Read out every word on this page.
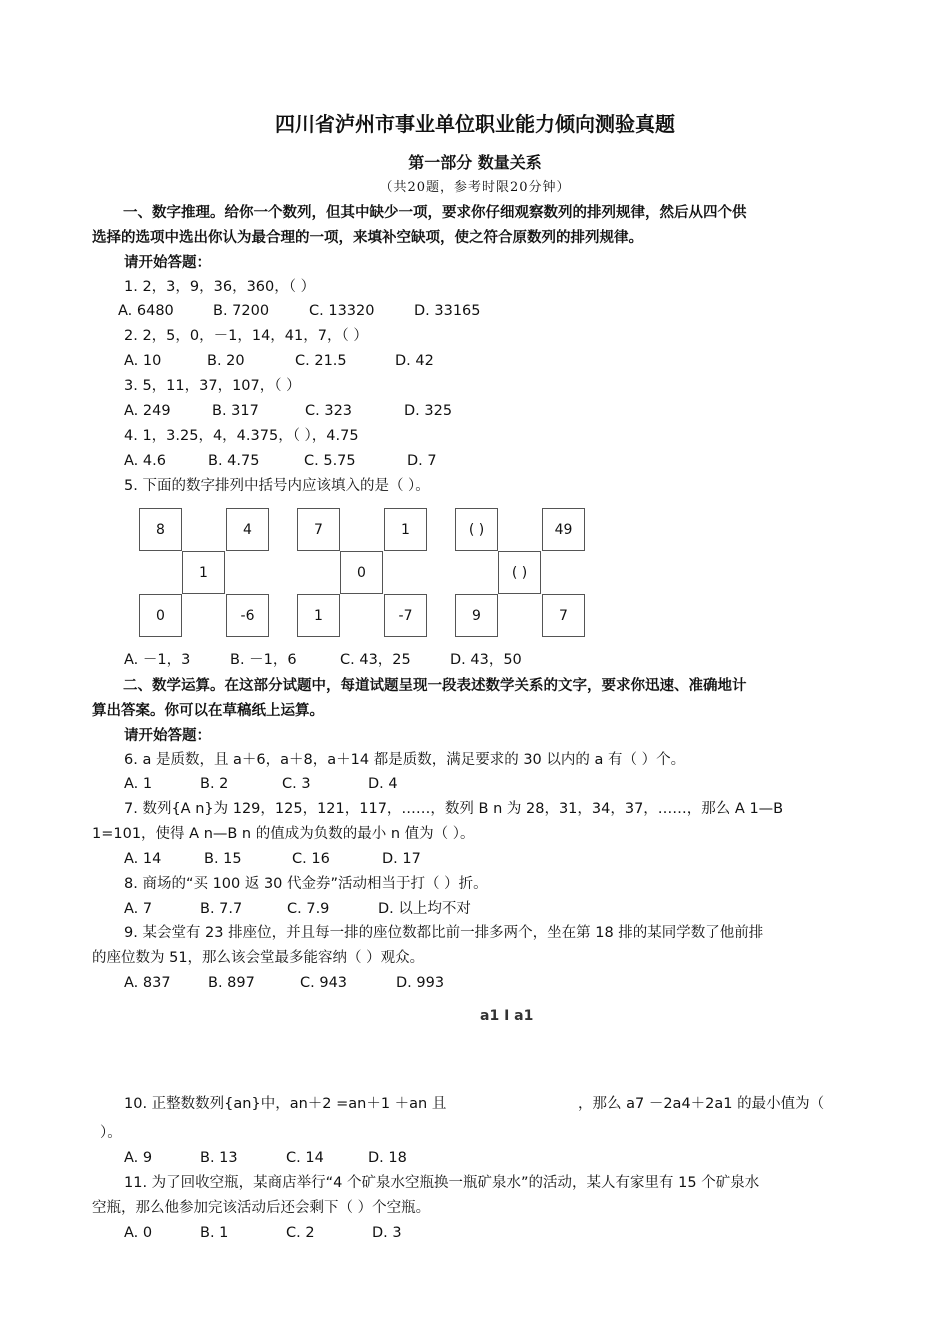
四川省泸州市事业单位职业能力倾向测验真题
第一部分 数量关系
（共20题，参考时限20分钟）
一、数字推理。给你一个数列，但其中缺少一项，要求你仔细观察数列的排列规律，然后从四个供
选择的选项中选出你认为最合理的一项，来填补空缺项，使之符合原数列的排列规律。
请开始答题：
1. 2，3，9，36，360，（ ）
A. 6480	B. 7200	C. 13320	D. 33165
2. 2，5，0，－1，14，41，7，（ ）
A. 10	B. 20	C. 21.5	D. 42
3. 5，11，37，107，（ ）
A. 249	B. 317	C. 323	D. 325
4. 1，3.25，4，4.375，（ ），4.75
A. 4.6	B. 4.75	C. 5.75	D. 7
5. 下面的数字排列中括号内应该填入的是（ ）。
8	4
1
0	-6
7	1
0
1	-7
( )	49
( )
9	7
A. －1，3	B. －1，6	C. 43，25	D. 43，50
二、数学运算。在这部分试题中，每道试题呈现一段表述数学关系的文字，要求你迅速、准确地计
算出答案。你可以在草稿纸上运算。
请开始答题：
6. a 是质数，且 a＋6，a＋8，a＋14 都是质数，满足要求的 30 以内的 a 有（ ）个。
A. 1	B. 2	C. 3	D. 4
7. 数列{A n}为 129，125，121，117，……，数列 B n 为 28，31，34，37，……，那么 A 1—B
1=101，使得 A n—B n 的值成为负数的最小 n 值为（ ）。
A. 14	B. 15	C. 16	D. 17
8. 商场的“买 100 返 30 代金券”活动相当于打（ ）折。
A. 7	B. 7.7	C. 7.9	D. 以上均不对
9. 某会堂有 23 排座位，并且每一排的座位数都比前一排多两个，坐在第 18 排的某同学数了他前排
的座位数为 51，那么该会堂最多能容纳（ ）观众。
A. 837	B. 897	C. 943	D. 993
a1 I a1
10. 正整数数列{an}中，an＋2 =an＋1 ＋an 且	，那么 a7 －2a4＋2a1 的最小值为（
）。
A. 9	B. 13	C. 14	D. 18
11. 为了回收空瓶，某商店举行“4 个矿泉水空瓶换一瓶矿泉水”的活动，某人有家里有 15 个矿泉水
空瓶，那么他参加完该活动后还会剩下（ ）个空瓶。
A. 0	B. 1	C. 2	D. 3
